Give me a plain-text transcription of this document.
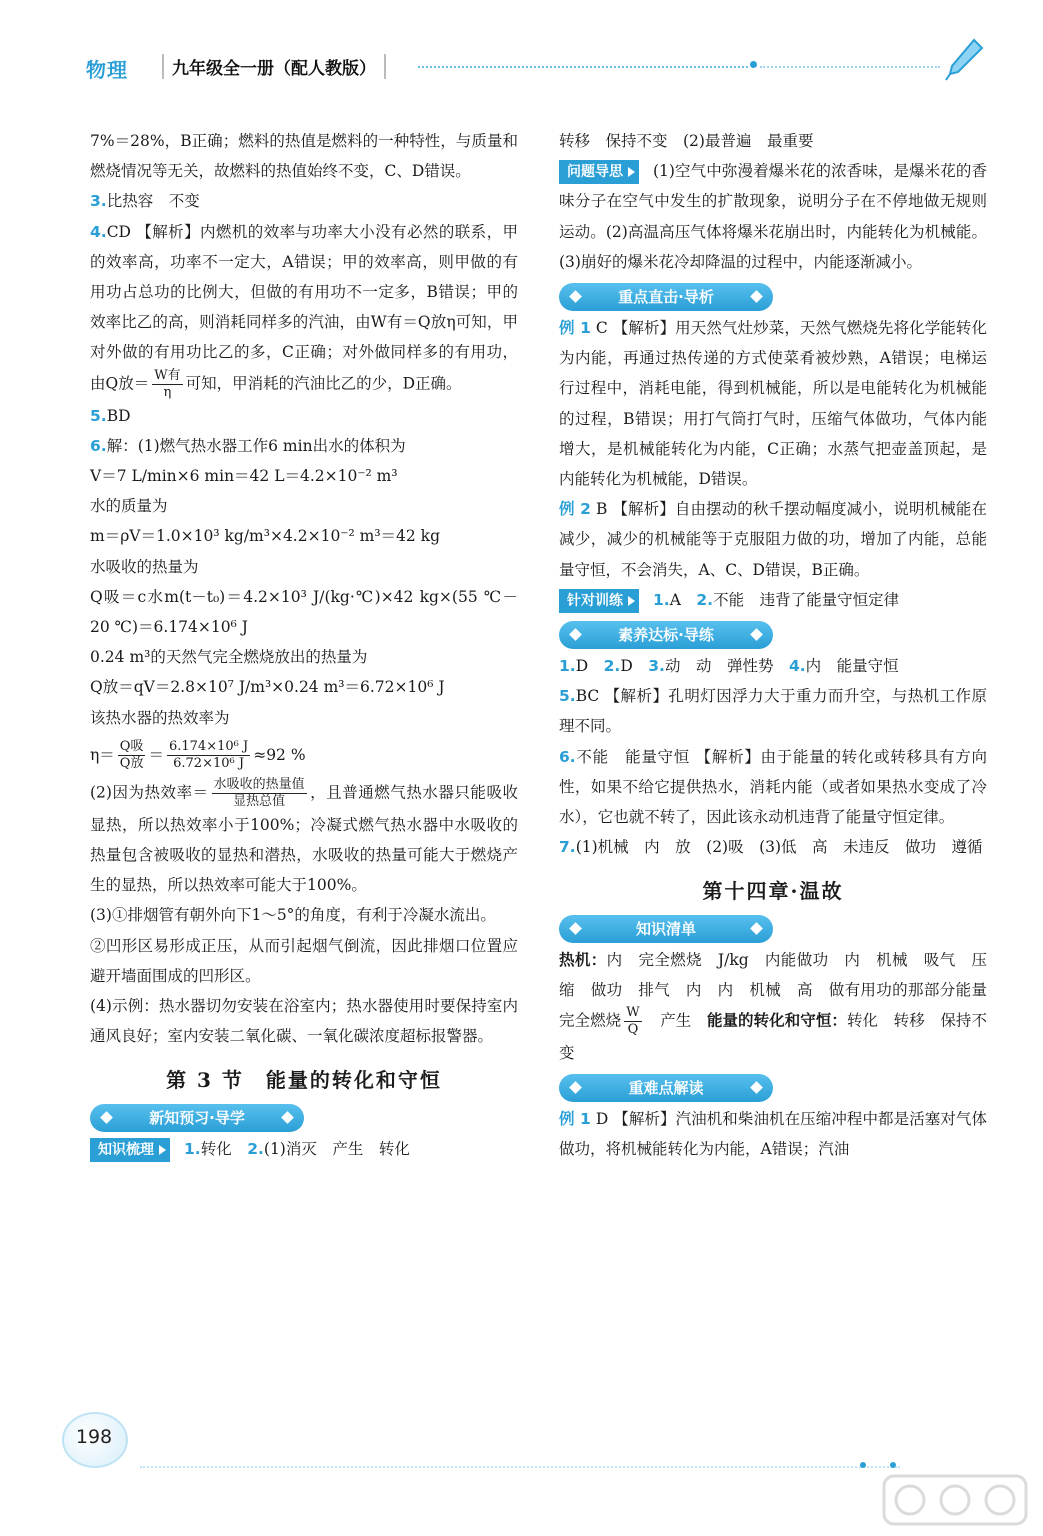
物理	九年级全一册（配人教版）

7%＝28%，B正确；燃料的热值是燃料的一种特性，与质量和燃烧情况等无关，故燃料的热值始终不变，C、D错误。

3.比热容　不变

4.CD 【解析】内燃机的效率与功率大小没有必然的联系，甲的效率高，功率不一定大，A错误；甲的效率高，则甲做的有用功占总功的比例大，但做的有用功不一定多，B错误；甲的效率比乙的高，则消耗同样多的汽油，由W有＝Q放η可知，甲对外做的有用功比乙的多，C正确；对外做同样多的有用功，由Q放＝ $\frac{\text{W有}}{\eta}$ 可知，甲消耗的汽油比乙的少，D正确。

5.BD

6.解：(1)燃气热水器工作6 min出水的体积为

V＝7 L/min×6 min＝42 L＝4.2×10⁻² m³

水的质量为

m＝ρV＝1.0×10³ kg/m³×4.2×10⁻² m³＝42 kg

水吸收的热量为

Q吸＝c水m(t－t₀)＝4.2×10³ J/(kg·℃)×42 kg×(55 ℃－20 ℃)＝6.174×10⁶ J

0.24 m³的天然气完全燃烧放出的热量为

Q放＝qV＝2.8×10⁷ J/m³×0.24 m³＝6.72×10⁶ J

该热水器的热效率为

$\eta= \frac{\text{Q吸}}{\text{Q放}} = \frac{\text{6.174×10⁶ J}}{\text{6.72×10⁶ J}} \approx 92$ %

(2)因为热效率＝ $\frac{\text{水吸收的热量值}}{\text{显热总值}}$ ，且普通燃气热水器只能吸收显热，所以热效率小于100%；冷凝式燃气热水器中水吸收的热量包含被吸收的显热和潜热，水吸收的热量可能大于燃烧产生的显热，所以热效率可能大于100%。

(3)①排烟管有朝外向下1～5°的角度，有利于冷凝水流出。

②凹形区易形成正压，从而引起烟气倒流，因此排烟口位置应避开墙面围成的凹形区。

(4)示例：热水器切勿安装在浴室内；热水器使用时要保持室内通风良好；室内安装二氧化碳、一氧化碳浓度超标报警器。

第 3 节　能量的转化和守恒
新知预习·导学

知识梳理 1.转化　2.(1)消灭　产生　转化

转移　保持不变　(2)最普遍　最重要

问题导思 (1)空气中弥漫着爆米花的浓香味，是爆米花的香味分子在空气中发生的扩散现象，说明分子在不停地做无规则运动。(2)高温高压气体将爆米花崩出时，内能转化为机械能。(3)崩好的爆米花冷却降温的过程中，内能逐渐减小。

重点直击·导析

例 1 C 【解析】用天然气灶炒菜，天然气燃烧先将化学能转化为内能，再通过热传递的方式使菜肴被炒熟，A错误；电梯运行过程中，消耗电能，得到机械能，所以是电能转化为机械能的过程，B错误；用打气筒打气时，压缩气体做功，气体内能增大，是机械能转化为内能，C正确；水蒸气把壶盖顶起，是内能转化为机械能，D错误。

例 2 B 【解析】自由摆动的秋千摆动幅度减小，说明机械能在减少，减少的机械能等于克服阻力做的功，增加了内能，总能量守恒，不会消失，A、C、D错误，B正确。

针对训练 1.A　2.不能　违背了能量守恒定律

素养达标·导练

1.D　2.D　3.动　动　弹性势　4.内　能量守恒

5.BC 【解析】孔明灯因浮力大于重力而升空，与热机工作原理不同。

6.不能　能量守恒 【解析】由于能量的转化或转移具有方向性，如果不给它提供热水，消耗内能（或者如果热水变成了冷水），它也就不转了，因此该永动机违背了能量守恒定律。

7.(1)机械　内　放　(2)吸　(3)低　高　未违反　做功　遵循

第十四章·温故
知识清单

热机：内　完全燃烧　J/kg　内能做功　内　机械　吸气　压缩　做功　排气　内　内　机械　高　做有用功的那部分能量　完全燃烧 $\frac{W}{Q}$ 　产生　能量的转化和守恒：转化　转移　保持不变

重难点解读

例 1 D 【解析】汽油机和柴油机在压缩冲程中都是活塞对气体做功，将机械能转化为内能，A错误；汽油

198
